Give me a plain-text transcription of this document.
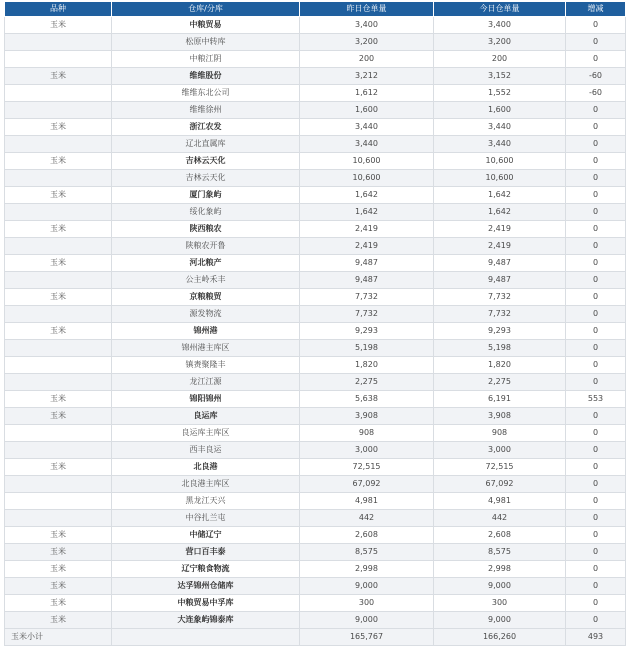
品种	仓库/分库	昨日仓单量	今日仓单量	增减
玉米	中粮贸易	3,400	3,400	0
	松原中转库	3,200	3,200	0
	中粮江阴	200	200	0
玉米	维维股份	3,212	3,152	-60
	维维东北公司	1,612	1,552	-60
	维维徐州	1,600	1,600	0
玉米	浙江农发	3,440	3,440	0
	辽北直属库	3,440	3,440	0
玉米	吉林云天化	10,600	10,600	0
	吉林云天化	10,600	10,600	0
玉米	厦门象屿	1,642	1,642	0
	绥化象屿	1,642	1,642	0
玉米	陕西粮农	2,419	2,419	0
	陕粮农开鲁	2,419	2,419	0
玉米	河北粮产	9,487	9,487	0
	公主岭禾丰	9,487	9,487	0
玉米	京粮粮贸	7,732	7,732	0
	源发物流	7,732	7,732	0
玉米	锦州港	9,293	9,293	0
	锦州港主库区	5,198	5,198	0
	镇赉聚隆丰	1,820	1,820	0
	龙江江源	2,275	2,275	0
玉米	锦阳锦州	5,638	6,191	553
玉米	良运库	3,908	3,908	0
	良运库主库区	908	908	0
	西丰良运	3,000	3,000	0
玉米	北良港	72,515	72,515	0
	北良港主库区	67,092	67,092	0
	黑龙江天兴	4,981	4,981	0
	中谷扎兰屯	442	442	0
玉米	中储辽宁	2,608	2,608	0
玉米	营口百丰泰	8,575	8,575	0
玉米	辽宁粮食物流	2,998	2,998	0
玉米	达孚锦州仓储库	9,000	9,000	0
玉米	中粮贸易中孚库	300	300	0
玉米	大连象屿锦泰库	9,000	9,000	0
玉米小计		165,767	166,260	493
